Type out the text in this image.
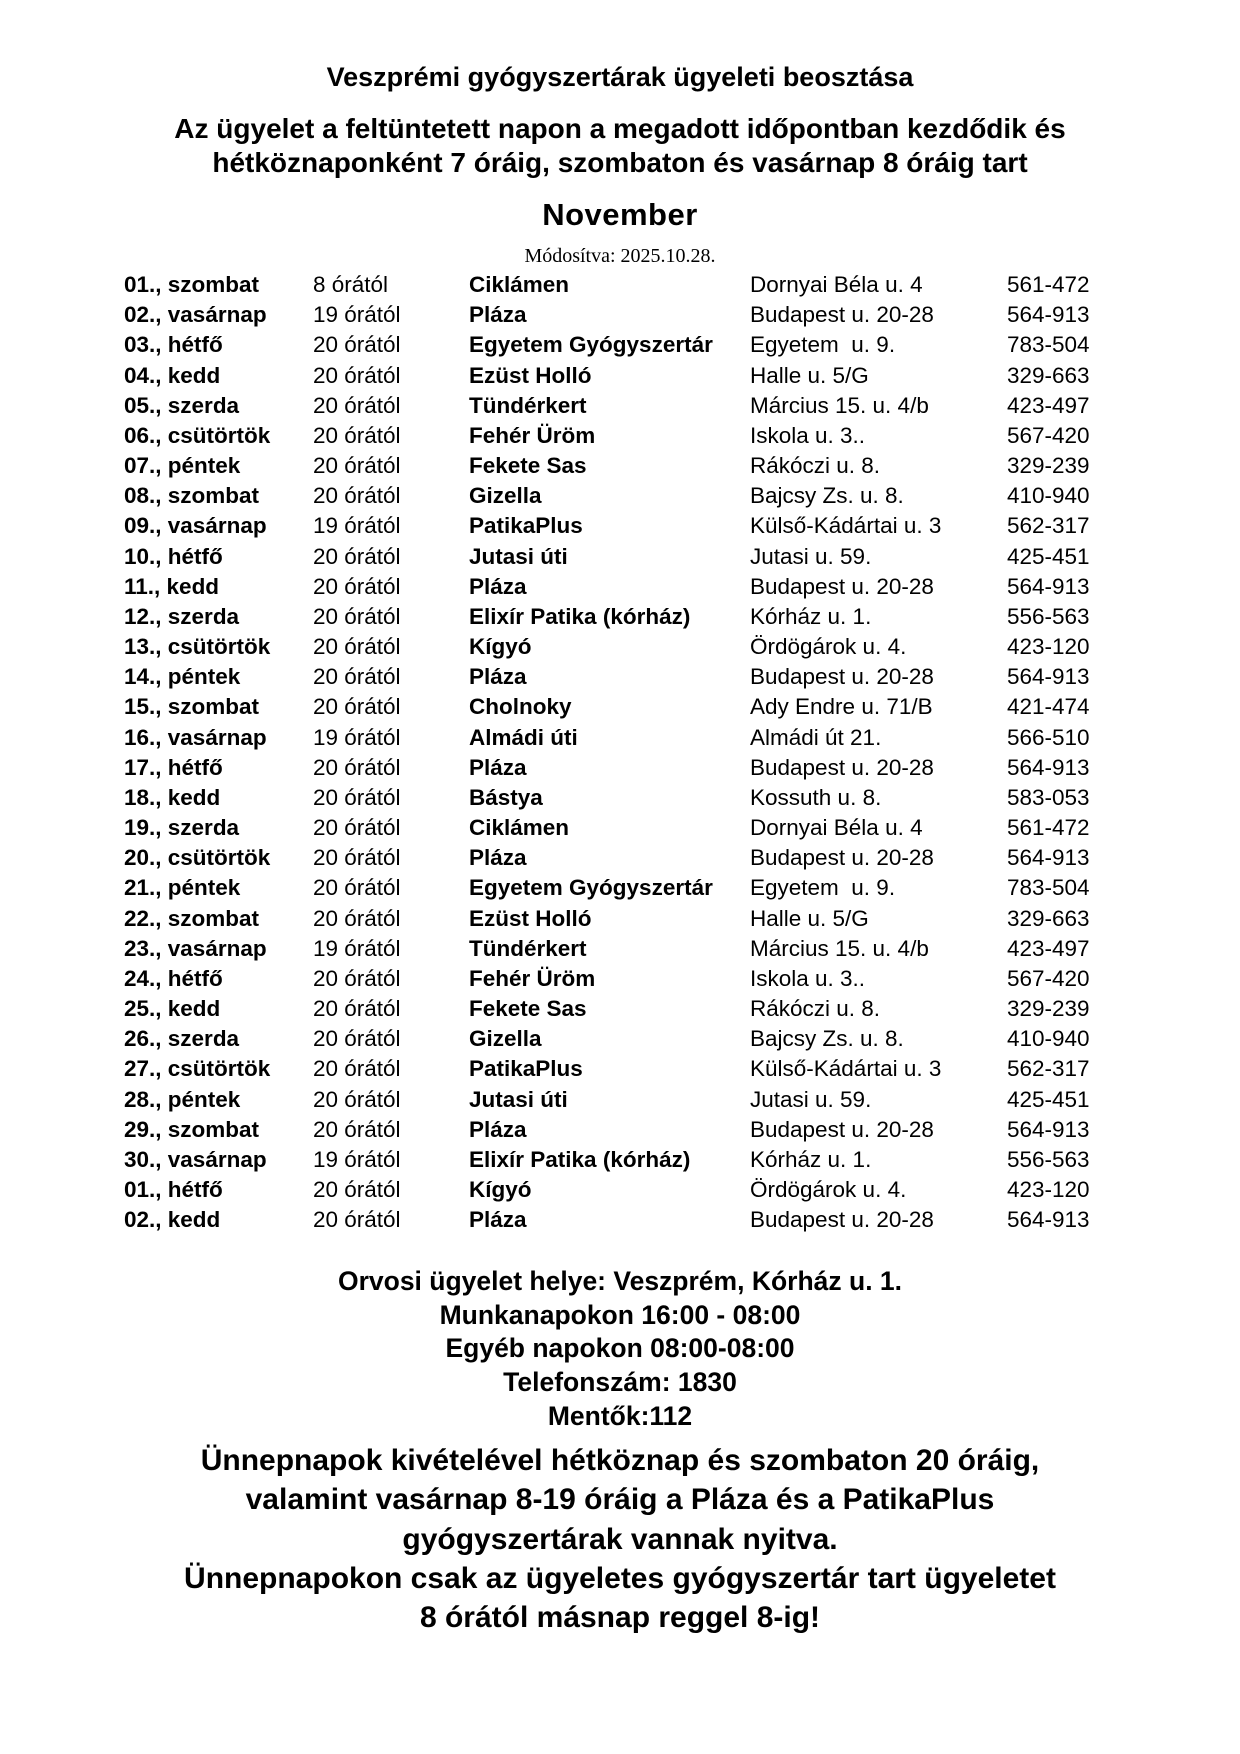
Veszprémi gyógyszertárak ügyeleti beosztása
Az ügyelet a feltüntetett napon a megadott időpontban kezdődik és
hétköznaponként 7 óráig, szombaton és vasárnap 8 óráig tart
November
Módosítva: 2025.10.28.
01., szombat	8 órától	Ciklámen	Dornyai Béla u. 4	561-472
02., vasárnap	19 órától	Pláza	Budapest u. 20-28	564-913
03., hétfő	20 órától	Egyetem Gyógyszertár	Egyetem  u. 9.	783-504
04., kedd	20 órától	Ezüst Holló	Halle u. 5/G	329-663
05., szerda	20 órától	Tündérkert	Március 15. u. 4/b	423-497
06., csütörtök	20 órától	Fehér Üröm	Iskola u. 3..	567-420
07., péntek	20 órától	Fekete Sas	Rákóczi u. 8.	329-239
08., szombat	20 órától	Gizella	Bajcsy Zs. u. 8.	410-940
09., vasárnap	19 órától	PatikaPlus	Külső-Kádártai u. 3	562-317
10., hétfő	20 órától	Jutasi úti	Jutasi u. 59.	425-451
11., kedd	20 órától	Pláza	Budapest u. 20-28	564-913
12., szerda	20 órától	Elixír Patika (kórház)	Kórház u. 1.	556-563
13., csütörtök	20 órától	Kígyó	Ördögárok u. 4.	423-120
14., péntek	20 órától	Pláza	Budapest u. 20-28	564-913
15., szombat	20 órától	Cholnoky	Ady Endre u. 71/B	421-474
16., vasárnap	19 órától	Almádi úti	Almádi út 21.	566-510
17., hétfő	20 órától	Pláza	Budapest u. 20-28	564-913
18., kedd	20 órától	Bástya	Kossuth u. 8.	583-053
19., szerda	20 órától	Ciklámen	Dornyai Béla u. 4	561-472
20., csütörtök	20 órától	Pláza	Budapest u. 20-28	564-913
21., péntek	20 órától	Egyetem Gyógyszertár	Egyetem  u. 9.	783-504
22., szombat	20 órától	Ezüst Holló	Halle u. 5/G	329-663
23., vasárnap	19 órától	Tündérkert	Március 15. u. 4/b	423-497
24., hétfő	20 órától	Fehér Üröm	Iskola u. 3..	567-420
25., kedd	20 órától	Fekete Sas	Rákóczi u. 8.	329-239
26., szerda	20 órától	Gizella	Bajcsy Zs. u. 8.	410-940
27., csütörtök	20 órától	PatikaPlus	Külső-Kádártai u. 3	562-317
28., péntek	20 órától	Jutasi úti	Jutasi u. 59.	425-451
29., szombat	20 órától	Pláza	Budapest u. 20-28	564-913
30., vasárnap	19 órától	Elixír Patika (kórház)	Kórház u. 1.	556-563
01., hétfő	20 órától	Kígyó	Ördögárok u. 4.	423-120
02., kedd	20 órától	Pláza	Budapest u. 20-28	564-913
Orvosi ügyelet helye: Veszprém, Kórház u. 1.
Munkanapokon 16:00 - 08:00
Egyéb napokon 08:00-08:00
Telefonszám: 1830
Mentők:112
Ünnepnapok kivételével hétköznap és szombaton 20 óráig,
valamint vasárnap 8-19 óráig a Pláza és a PatikaPlus
gyógyszertárak vannak nyitva.
Ünnepnapokon csak az ügyeletes gyógyszertár tart ügyeletet
8 órától másnap reggel 8-ig!
